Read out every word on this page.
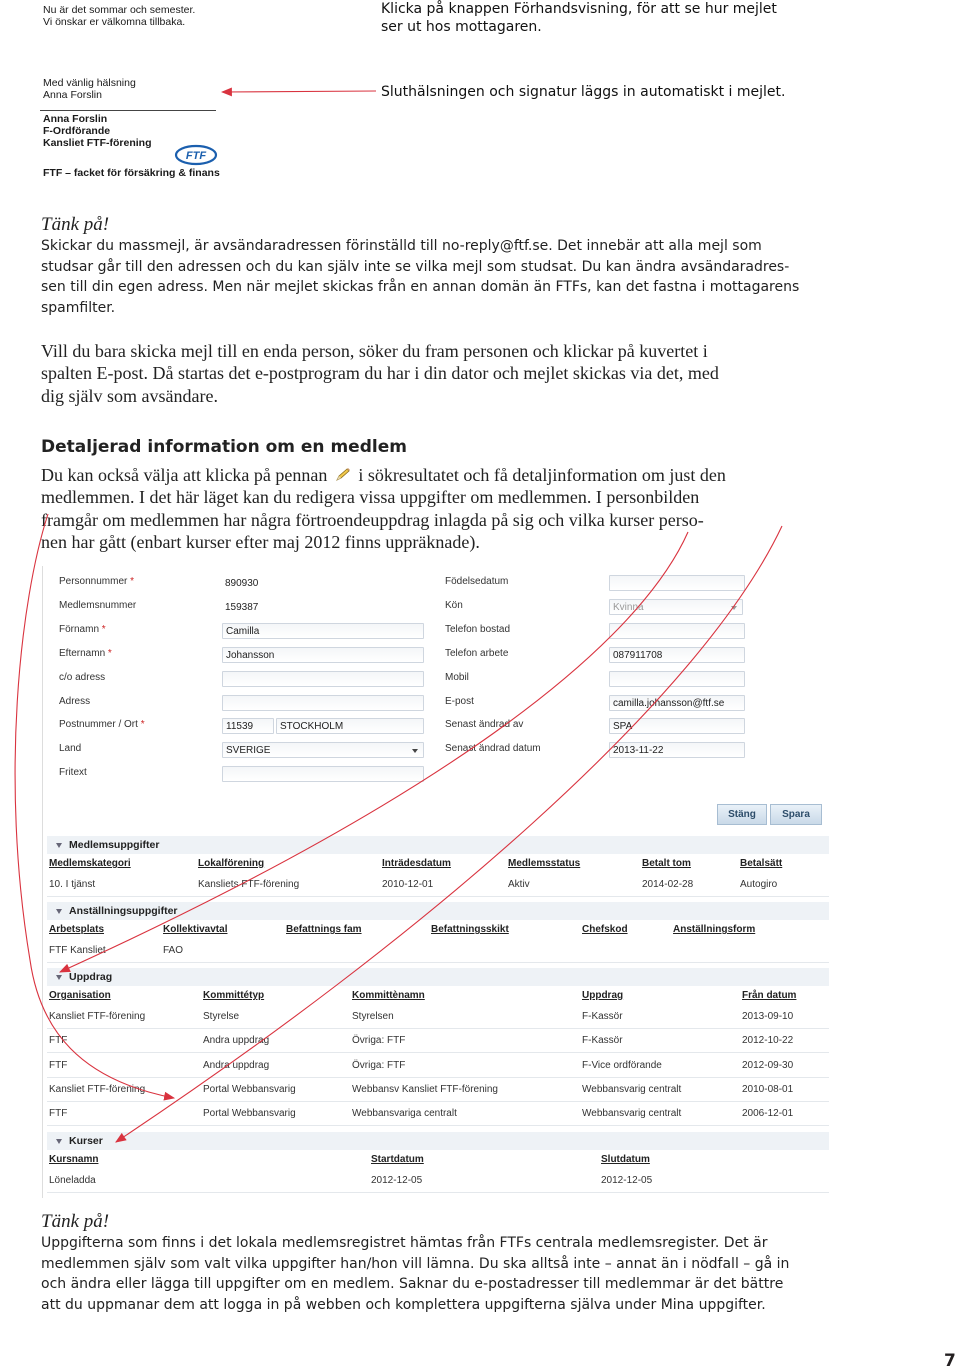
Nu är det sommar och semester.
Vi önskar er välkomna tillbaka.
Med vänlig hälsning
Anna Forslin
Anna Forslin
F-Ordförande
Kansliet FTF-förening
FTF
FTF – facket för försäkring & finans
Klicka på knappen Förhandsvisning, för att se hur mejlet
ser ut hos mottagaren.
Sluthälsningen och signatur läggs in automatiskt i mejlet.
Tänk på!
Skickar du massmejl, är avsändaradressen förinställd till no-reply@ftf.se. Det innebär att alla mejl som
studsar går till den adressen och du kan själv inte se vilka mejl som studsat. Du kan ändra avsändaradres-
sen till din egen adress. Men när mejlet skickas från en annan domän än FTFs, kan det fastna i mottagarens
spamfilter.
Vill du bara skicka mejl till en enda person, söker du fram personen och klickar på kuvertet i
spalten E-post. Då startas det e-postprogram du har i din dator och mejlet skickas via det, med
dig själv som avsändare.
Detaljerad information om en medlem
Du kan också välja att klicka på pennan i sökresultatet och få detaljinformation om just den
medlemmen. I det här läget kan du redigera vissa uppgifter om medlemmen. I personbilden
framgår om medlemmen har några förtroendeuppdrag inlagda på sig och vilka kurser perso-
nen har gått (enbart kurser efter maj 2012 finns uppräknade).
Personnummer *	890930
Medlemsnummer	159387
Förnamn *	Camilla
Efternamn *	Johansson
c/o adress
Adress
Postnummer / Ort *	11539	STOCKHOLM
Land	SVERIGE
Fritext
Födelsedatum
Kön	Kvinna
Telefon bostad
Telefon arbete	087911708
Mobil
E-post	camilla.johansson@ftf.se
Senast ändrad av	SPA
Senast ändrad datum	2013-11-22
Stäng	Spara
Medlemsuppgifter
Medlemskategori	Lokalförening	Inträdesdatum	Medlemsstatus	Betalt tom	Betalsätt
10. I tjänst	Kansliets FTF-förening	2010-12-01	Aktiv	2014-02-28	Autogiro
Anställningsuppgifter
Arbetsplats	Kollektivavtal	Befattnings fam	Befattningsskikt	Chefskod	Anställningsform
FTF Kansliet	FAO
Uppdrag
Organisation	Kommittétyp	Kommittènamn	Uppdrag	Från datum
Kansliet FTF-förening	Styrelse	Styrelsen	F-Kassör	2013-09-10
FTF	Andra uppdrag	Övriga: FTF	F-Kassör	2012-10-22
FTF	Andra uppdrag	Övriga: FTF	F-Vice ordförande	2012-09-30
Kansliet FTF-förening	Portal Webbansvarig	Webbansv Kansliet FTF-förening	Webbansvarig centralt	2010-08-01
FTF	Portal Webbansvarig	Webbansvariga centralt	Webbansvarig centralt	2006-12-01
Kurser
Kursnamn	Startdatum	Slutdatum
Löneladda	2012-12-05	2012-12-05
Tänk på!
Uppgifterna som finns i det lokala medlemsregistret hämtas från FTFs centrala medlemsregister. Det är
medlemmen själv som valt vilka uppgifter han/hon vill lämna. Du ska alltså inte – annat än i nödfall – gå in
och ändra eller lägga till uppgifter om en medlem. Saknar du e-postadresser till medlemmar är det bättre
att du uppmanar dem att logga in på webben och komplettera uppgifterna själva under Mina uppgifter.
7
